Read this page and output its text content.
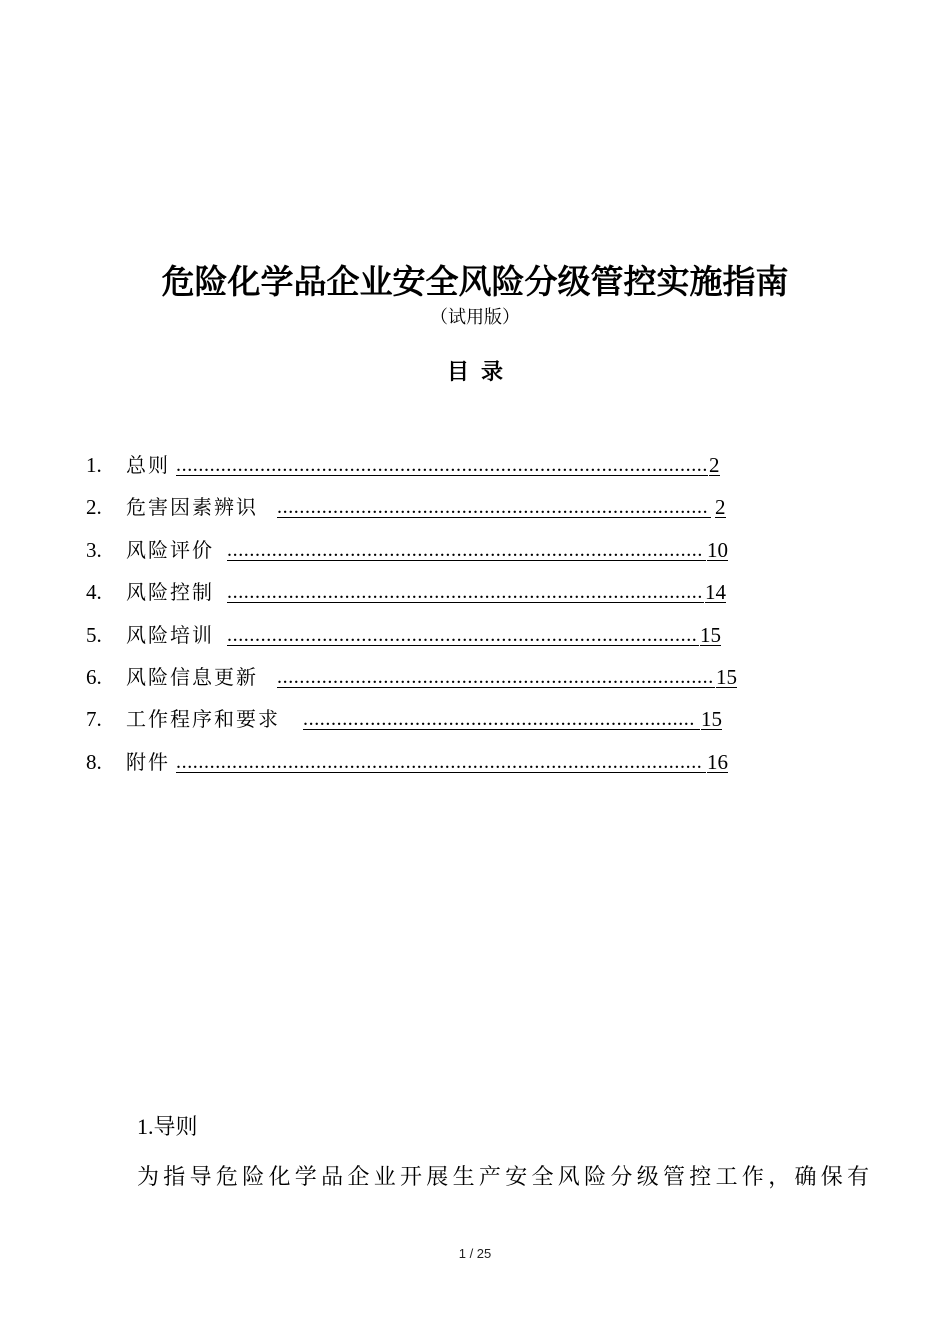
危险化学品企业安全风险分级管控实施指南
（试用版）
目录
1. 总则 ............................................................................................... 2
2. 危害因素辨识 ............................................................................. 2
3. 风险评价 ..................................................................................... 10
4. 风险控制 ..................................................................................... 14
5. 风险培训 .................................................................................... 15
6. 风险信息更新 .............................................................................. 15
7. 工作程序和要求 ...................................................................... 15
8. 附件 .............................................................................................. 16
1.导则
为指导危险化学品企业开展生产安全风险分级管控工作，确保有
1 / 25
